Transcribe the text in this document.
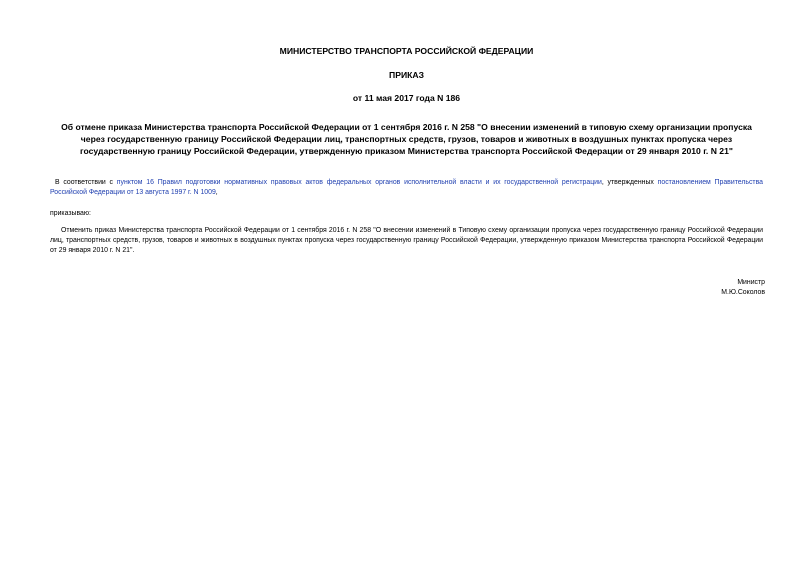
МИНИСТЕРСТВО ТРАНСПОРТА РОССИЙСКОЙ ФЕДЕРАЦИИ

ПРИКАЗ

от 11 мая 2017 года N 186

Об отмене приказа Министерства транспорта Российской Федерации от 1 сентября 2016 г. N 258 "О внесении изменений в типовую схему организации пропуска через государственную границу Российской Федерации лиц, транспортных средств, грузов, товаров и животных в воздушных пунктах пропуска через государственную границу Российской Федерации, утвержденную приказом Министерства транспорта Российской Федерации от 29 января 2010 г. N 21"

В соответствии с пунктом 16 Правил подготовки нормативных правовых актов федеральных органов исполнительной власти и их государственной регистрации, утвержденных постановлением Правительства Российской Федерации от 13 августа 1997 г. N 1009,

приказываю:

Отменить приказ Министерства транспорта Российской Федерации от 1 сентября 2016 г. N 258 "О внесении изменений в Типовую схему организации пропуска через государственную границу Российской Федерации лиц, транспортных средств, грузов, товаров и животных в воздушных пунктах пропуска через государственную границу Российской Федерации, утвержденную приказом Министерства транспорта Российской Федерации от 29 января 2010 г. N 21".

Министр
М.Ю.Соколов
